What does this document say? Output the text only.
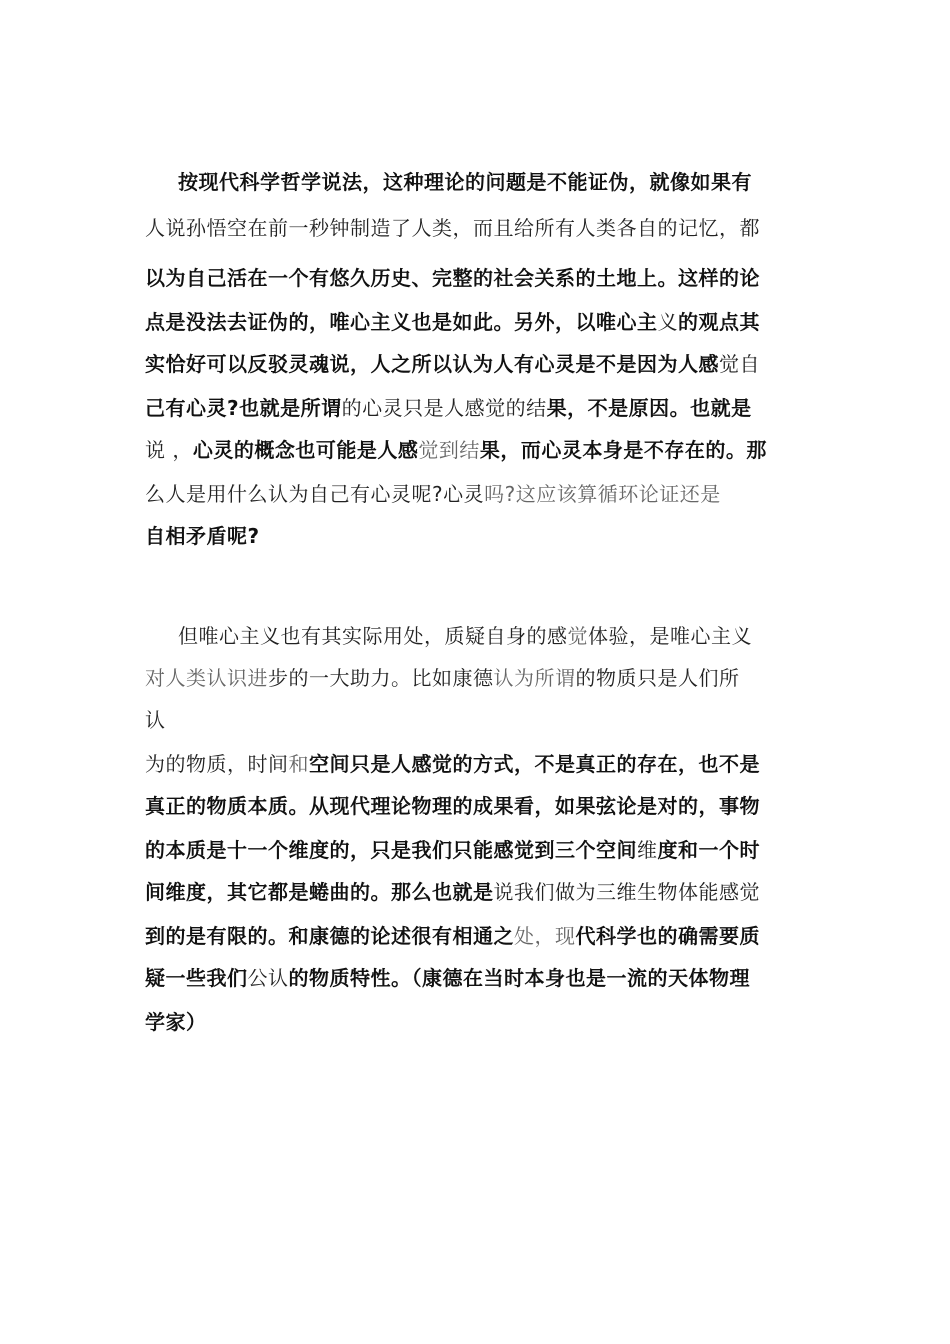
按现代科学哲学说法，这种理论的问题是不能证伪，就像如果有
人说孙悟空在前一秒钟制造了人类，而且给所有人类各自的记忆，都
以为自己活在一个有悠久历史、完整的社会关系的土地上。这样的论
点是没法去证伪的，唯心主义也是如此。另外，以唯心主义的观点其
实恰好可以反驳灵魂说，人之所以认为人有心灵是不是因为人感觉自
己有心灵?也就是所谓的心灵只是人感觉的结果，不是原因。也就是
说 ，心灵的概念也可能是人感觉到结果，而心灵本身是不存在的。那
么人是用什么认为自己有心灵呢?心灵吗?这应该算循环论证还是
自相矛盾呢?
但唯心主义也有其实际用处，质疑自身的感觉体验，是唯心主义
对人类认识进步的一大助力。比如康德认为所谓的物质只是人们所
认
为的物质，时间和空间只是人感觉的方式，不是真正的存在，也不是
真正的物质本质。从现代理论物理的成果看，如果弦论是对的，事物
的本质是十一个维度的，只是我们只能感觉到三个空间维度和一个时
间维度，其它都是蜷曲的。那么也就是说我们做为三维生物体能感觉
到的是有限的。和康德的论述很有相通之处，现代科学也的确需要质
疑一些我们公认的物质特性。（康德在当时本身也是一流的天体物理
学家）
